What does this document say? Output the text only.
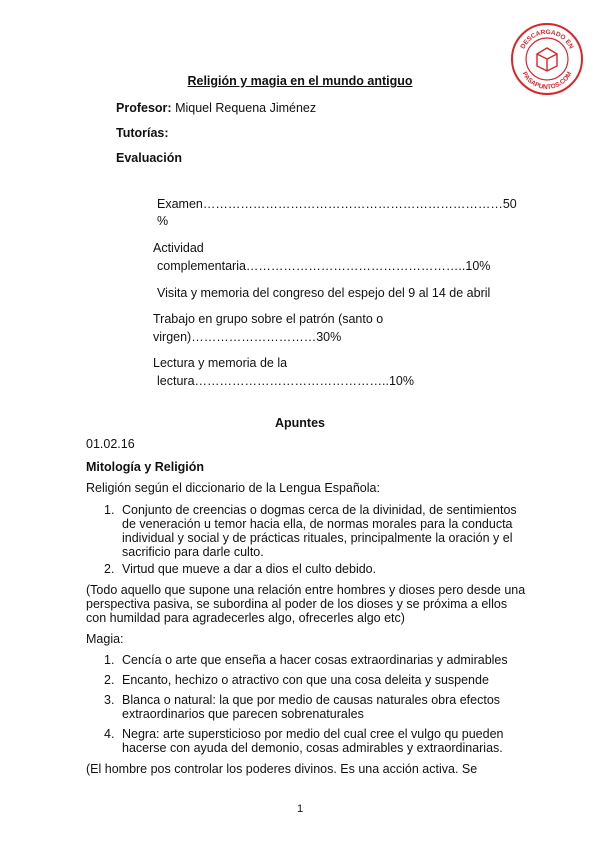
DESCARGADO EN
PASAPUNTOS.COM
Religión y magia en el mundo antiguo
Profesor: Miquel Requena Jiménez
Tutorías:
Evaluación
Examen………………………………………………………………50
%
Actividad
complementaria……………………………………………..10%
Visita y memoria del congreso del espejo del 9 al 14 de abril
Trabajo en grupo sobre el patrón (santo o
virgen)…………………………30%
Lectura y memoria de la
lectura………………………………………..10%
Apuntes
01.02.16
Mitología y Religión
Religión según el diccionario de la Lengua Española:
1. Conjunto de creencias o dogmas cerca de la divinidad, de sentimientos
de veneración u temor hacia ella, de normas morales para la conducta
individual y social y de prácticas rituales, principalmente la oración y el
sacrificio para darle culto.
2. Virtud que mueve a dar a dios el culto debido.
(Todo aquello que supone una relación entre hombres y dioses pero desde una
perspectiva pasiva, se subordina al poder de los dioses y se próxima a ellos
con humildad para agradecerles algo, ofrecerles algo etc)
Magia:
1. Cencía o arte que enseña a hacer cosas extraordinarias y admirables
2. Encanto, hechizo o atractivo con que una cosa deleita y suspende
3. Blanca o natural: la que por medio de causas naturales obra efectos
extraordinarios que parecen sobrenaturales
4. Negra: arte supersticioso por medio del cual cree el vulgo qu pueden
hacerse con ayuda del demonio, cosas admirables y extraordinarias.
(El hombre pos controlar los poderes divinos. Es una acción activa. Se
1
